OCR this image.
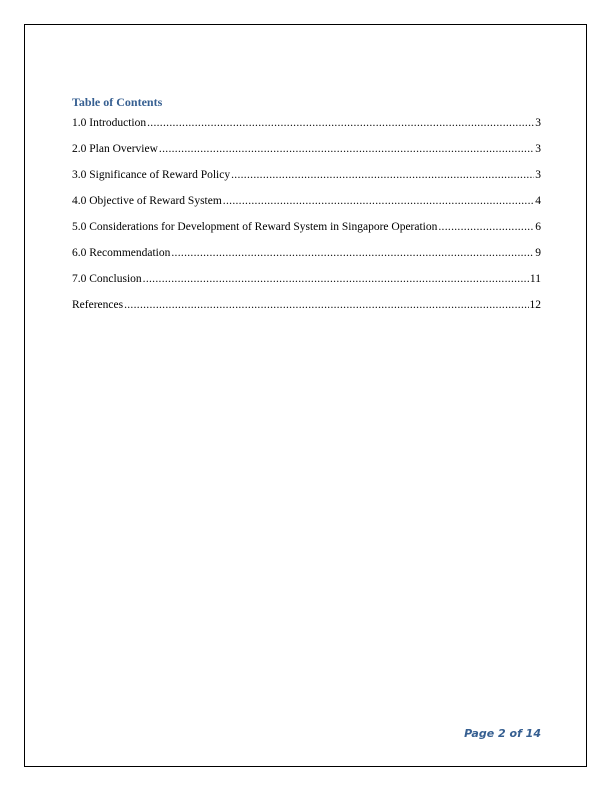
Table of Contents
1.0 Introduction .....	3
2.0 Plan Overview .....	3
3.0 Significance of Reward Policy .....	3
4.0 Objective of Reward System .....	4
5.0 Considerations for Development of Reward System in Singapore Operation .....	6
6.0 Recommendation .....	9
7.0 Conclusion .....	11
References .....	12
Page 2 of 14
